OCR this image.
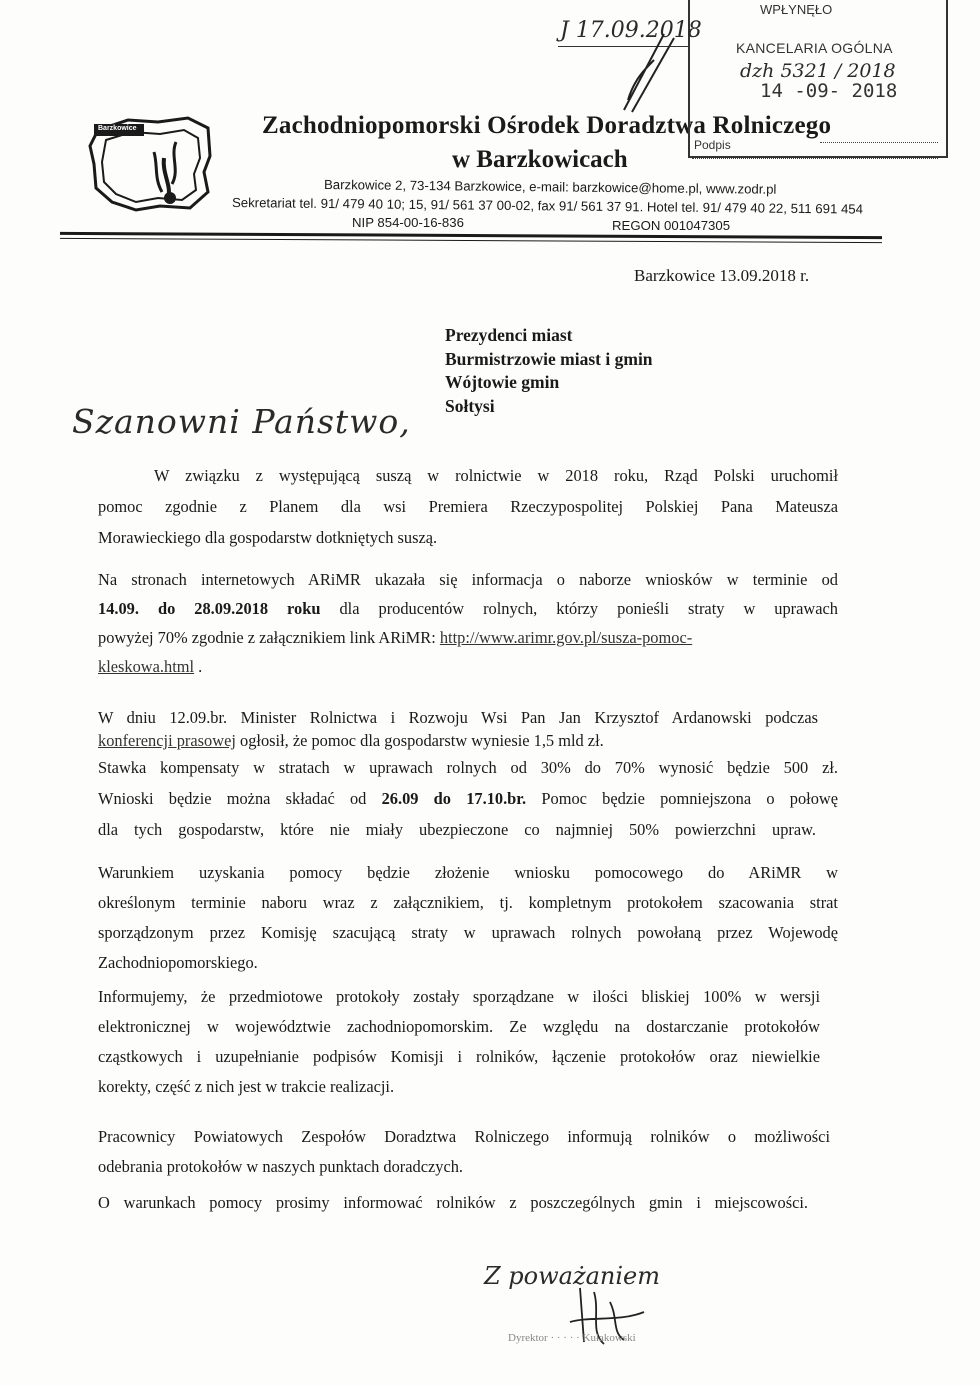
Barzkowice	Zachodniopomorski Ośrodek Doradztwa Rolniczego
w Barzkowicach
Barzkowice 2, 73-134 Barzkowice, e-mail: barzkowice@home.pl, www.zodr.pl
Sekretariat tel. 91/ 479 40 10; 15, 91/ 561 37 00-02, fax 91/ 561 37 91. Hotel tel. 91/ 479 40 22, 511 691 454
NIP 854-00-16-836	REGON 001047305
WPŁYNĘŁO
KANCELARIA OGÓLNA
dzh 5321 / 2018
14 -09- 2018
Podpis
J 17.09.2018
Barzkowice 13.09.2018 r.
Prezydenci miast
Burmistrzowie miast i gmin
Wójtowie gmin
Sołtysi
Szanowni Państwo,
W związku z występującą suszą w rolnictwie w 2018 roku, Rząd Polski uruchomił
pomoc zgodnie z Planem dla wsi Premiera Rzeczypospolitej Polskiej Pana Mateusza
Morawieckiego dla gospodarstw dotkniętych suszą.
Na stronach internetowych ARiMR ukazała się informacja o naborze wniosków w terminie od
14.09. do 28.09.2018 roku dla producentów rolnych, którzy ponieśli straty w uprawach
powyżej 70% zgodnie z załącznikiem link ARiMR: http://www.arimr.gov.pl/susza-pomoc-
kleskowa.html .
W dniu 12.09.br. Minister Rolnictwa i Rozwoju Wsi Pan Jan Krzysztof Ardanowski podczas
konferencji prasowej ogłosił, że pomoc dla gospodarstw wyniesie 1,5 mld zł.
Stawka kompensaty w stratach w uprawach rolnych od 30% do 70% wynosić będzie 500 zł.
Wnioski będzie można składać od 26.09 do 17.10.br. Pomoc będzie pomniejszona o połowę
dla tych gospodarstw, które nie miały ubezpieczone co najmniej 50% powierzchni upraw.
Warunkiem uzyskania pomocy będzie złożenie wniosku pomocowego do ARiMR w
określonym terminie naboru wraz z załącznikiem, tj. kompletnym protokołem szacowania strat
sporządzonym przez Komisję szacującą straty w uprawach rolnych powołaną przez Wojewodę
Zachodniopomorskiego.
Informujemy, że przedmiotowe protokoły zostały sporządzane w ilości bliskiej 100% w wersji
elektronicznej w województwie zachodniopomorskim. Ze względu na dostarczanie protokołów
cząstkowych i uzupełnianie podpisów Komisji i rolników, łączenie protokołów oraz niewielkie
korekty, część z nich jest w trakcie realizacji.
Pracownicy Powiatowych Zespołów Doradztwa Rolniczego informują rolników o możliwości
odebrania protokołów w naszych punktach doradczych.
O warunkach pomocy prosimy informować rolników z poszczególnych gmin i miejscowości.
Z poważaniem
Dyrektor · · · · · Kułakowski
